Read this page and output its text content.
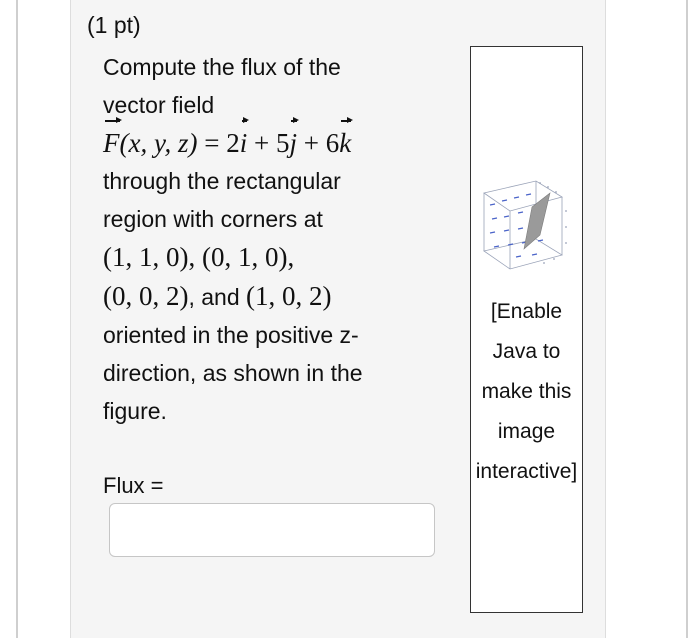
(1 pt)
Compute the flux of the
vector field
F(x, y, z) = 2i + 5j + 6k
through the rectangular
region with corners at
(1, 1, 0), (0, 1, 0),
(0, 0, 2), and (1, 0, 2)
oriented in the positive z-
direction, as shown in the
figure.
Flux =
[Enable
Java to
make this
image
interactive]
